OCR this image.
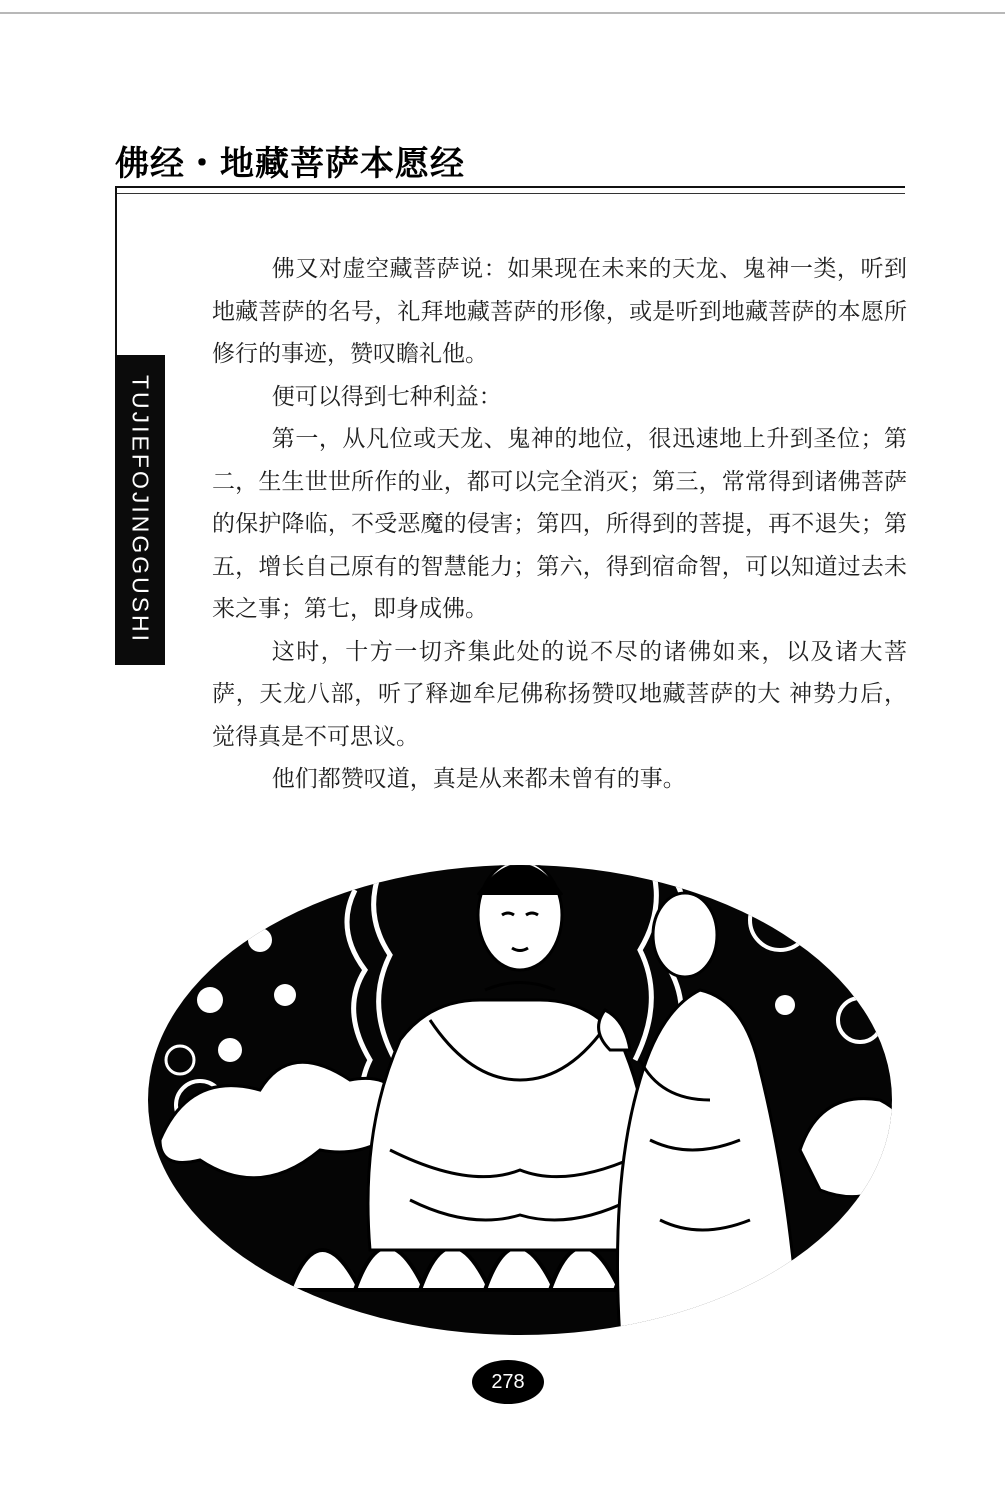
佛经・地藏菩萨本愿经
TUJIEFOJINGGUSHI

佛又对虚空藏菩萨说：如果现在未来的天龙、鬼神一类，听到地藏菩萨的名号，礼拜地藏菩萨的形像，或是听到地藏菩萨的本愿所修行的事迹，赞叹瞻礼他。

便可以得到七种利益：

第一，从凡位或天龙、鬼神的地位，很迅速地上升到圣位；第二，生生世世所作的业，都可以完全消灭；第三，常常得到诸佛菩萨的保护降临，不受恶魔的侵害；第四，所得到的菩提，再不退失；第五，增长自己原有的智慧能力；第六，得到宿命智，可以知道过去未来之事；第七，即身成佛。

这时，十方一切齐集此处的说不尽的诸佛如来，以及诸大菩萨，天龙八部，听了释迦牟尼佛称扬赞叹地藏菩萨的大 神势力后，觉得真是不可思议。

他们都赞叹道，真是从来都未曾有的事。

278
